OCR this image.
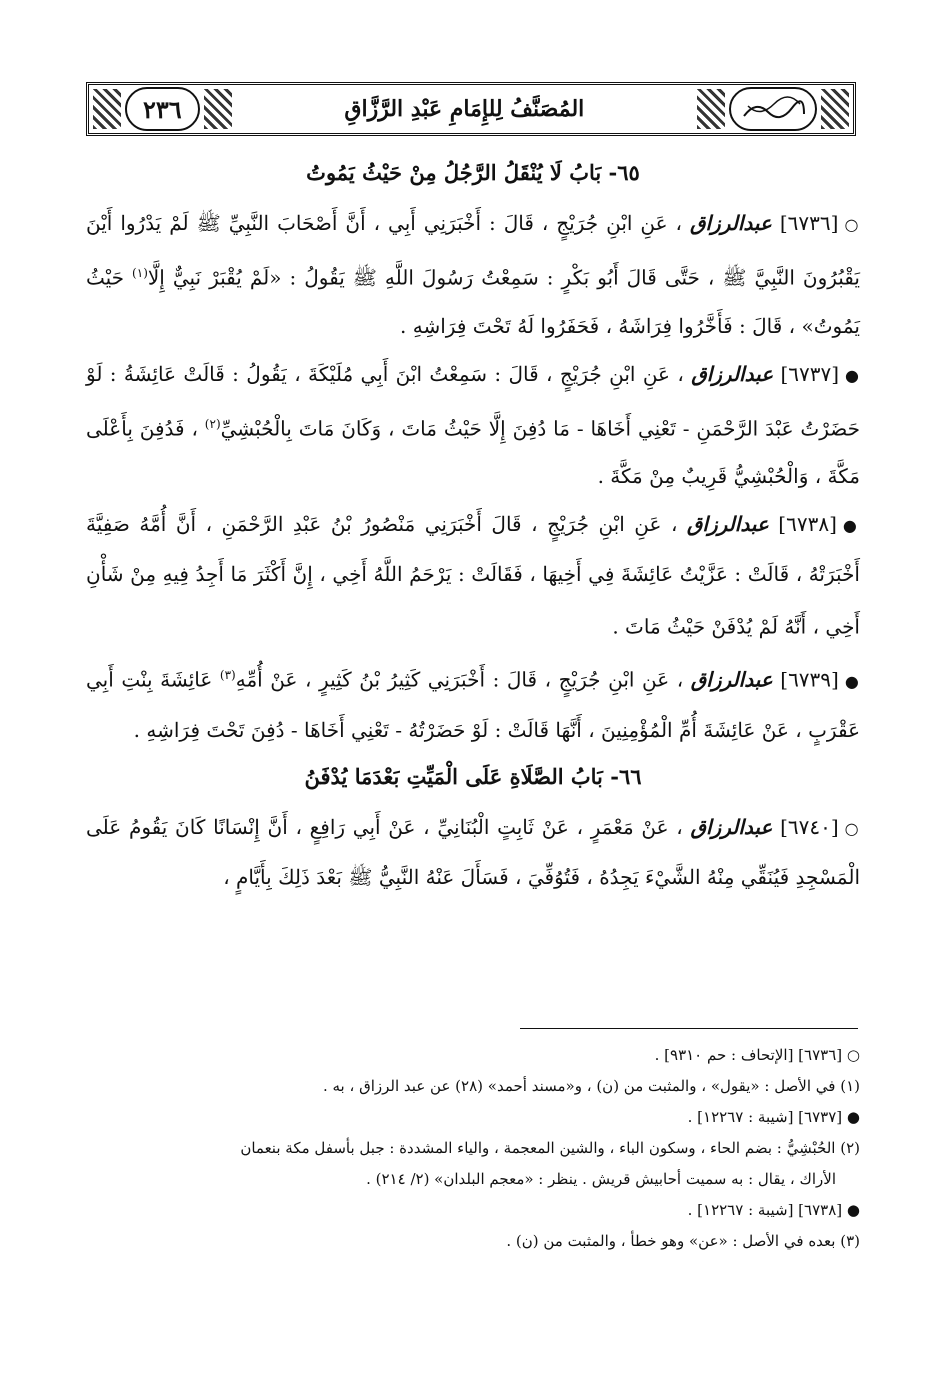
٢٣٦	المُصَنَّفُ لِلإِمَامِ عَبْدِ الرَّزَّاقِ
٦٥- بَابُ لَا يُنْقَلُ الرَّجُلُ مِنْ حَيْثُ يَمُوتُ

○[٦٧٣٦] عبدالرزاق ، عَنِ ابْنِ جُرَيْجٍ ، قَالَ : أَخْبَرَنِي أَبِي ، أَنَّ أَصْحَابَ النَّبِيِّ ﷺ لَمْ يَدْرُوا أَيْنَ يَقْبُرُونَ النَّبِيَّ ﷺ ، حَتَّى قَالَ أَبُو بَكْرٍ : سَمِعْتُ رَسُولَ اللَّهِ ﷺ يَقُولُ : «لَمْ يُقْبَرْ نَبِيٌّ إِلَّا$^{(١)}$ حَيْثُ يَمُوتُ» ، قَالَ : فَأَخَّرُوا فِرَاشَهُ ، فَحَفَرُوا لَهُ تَحْتَ فِرَاشِهِ .

●[٦٧٣٧] عبدالرزاق ، عَنِ ابْنِ جُرَيْجٍ ، قَالَ : سَمِعْتُ ابْنَ أَبِي مُلَيْكَةَ ، يَقُولُ : قَالَتْ عَائِشَةُ : لَوْ حَضَرْتُ عَبْدَ الرَّحْمَنِ - تَعْنِي أَخَاهَا - مَا دُفِنَ إِلَّا حَيْثُ مَاتَ ، وَكَانَ مَاتَ بِالْحُبْشِيِّ$^{(٢)}$ ، فَدُفِنَ بِأَعْلَى مَكَّةَ ، وَالْحُبْشِيُّ قَرِيبٌ مِنْ مَكَّةَ .

●[٦٧٣٨] عبدالرزاق ، عَنِ ابْنِ جُرَيْجٍ ، قَالَ أَخْبَرَنِي مَنْصُورُ بْنُ عَبْدِ الرَّحْمَنِ ، أَنَّ أُمَّهُ صَفِيَّةَ أَخْبَرَتْهُ ، قَالَتْ : عَزَّيْتُ عَائِشَةَ فِي أَخِيهَا ، فَقَالَتْ : يَرْحَمُ اللَّهُ أَخِي ، إِنَّ أَكْثَرَ مَا أَجِدُ فِيهِ مِنْ شَأْنِ أَخِي ، أَنَّهُ لَمْ يُدْفَنْ حَيْثُ مَاتَ .

●[٦٧٣٩] عبدالرزاق ، عَنِ ابْنِ جُرَيْجٍ ، قَالَ : أَخْبَرَنِي كَثِيرُ بْنُ كَثِيرٍ ، عَنْ أُمِّهِ$^{(٣)}$ عَائِشَةَ بِنْتِ أَبِي عَقْرَبٍ ، عَنْ عَائِشَةَ أُمِّ الْمُؤْمِنِينَ ، أَنَّهَا قَالَتْ : لَوْ حَضَرْتُهُ - تَعْنِي أَخَاهَا - دُفِنَ تَحْتَ فِرَاشِهِ .

٦٦- بَابُ الصَّلَاةِ عَلَى الْمَيِّتِ بَعْدَمَا يُدْفَنُ

○[٦٧٤٠] عبدالرزاق ، عَنْ مَعْمَرٍ ، عَنْ ثَابِتٍ الْبُنَانِيِّ ، عَنْ أَبِي رَافِعٍ ، أَنَّ إِنْسَانًا كَانَ يَقُومُ عَلَى الْمَسْجِدِ فَيُنَقِّي مِنْهُ الشَّيْءَ يَجِدُهُ ، فَتُوُفِّيَ ، فَسَأَلَ عَنْهُ النَّبِيُّ ﷺ بَعْدَ ذَلِكَ بِأَيَّامٍ ،

○ [٦٧٣٦] [الإتحاف : حم ٩٣١٠] .

(١) في الأصل : «يقول» ، والمثبت من (ن) ، و«مسند أحمد» (٢٨) عن عبد الرزاق ، به .

● [٦٧٣٧] [شيبة : ١٢٢٦٧] .

(٢) الحُبْشِيُّ : بضم الحاء ، وسكون الباء ، والشين المعجمة ، والياء المشددة : جبل بأسفل مكة بنعمان

الأراك ، يقال : به سميت أحابيش قريش . ينظر : «معجم البلدان» (٢/ ٢١٤) .

● [٦٧٣٨] [شيبة : ١٢٢٦٧] .

(٣) بعده في الأصل : «عن» وهو خطأ ، والمثبت من (ن) .
